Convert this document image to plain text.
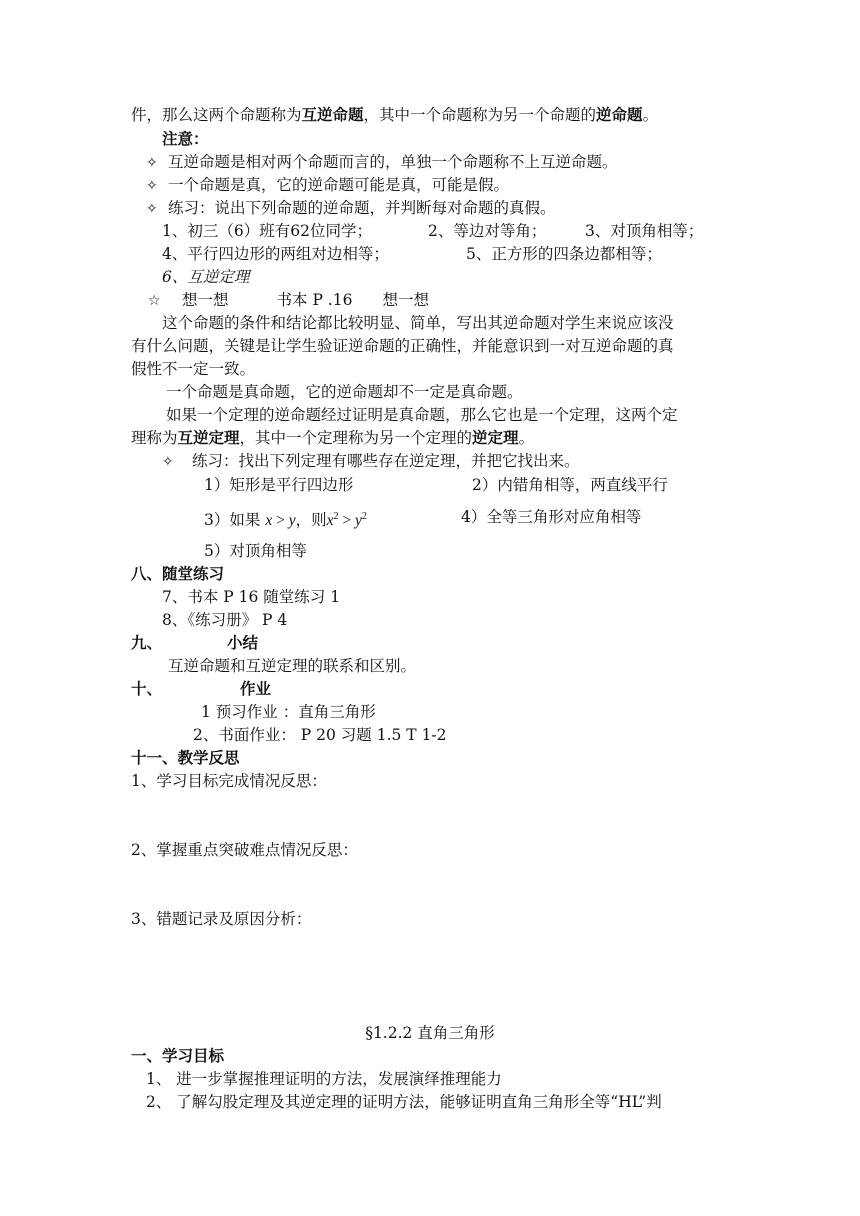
件，那么这两个命题称为互逆命题，其中一个命题称为另一个命题的逆命题。
注意：
✧ 互逆命题是相对两个命题而言的，单独一个命题称不上互逆命题。
✧ 一个命题是真，它的逆命题可能是真，可能是假。
✧ 练习：说出下列命题的逆命题，并判断每对命题的真假。
1、初三（6）班有62位同学；	2、等边对等角； 3、对顶角相等；
4、平行四边形的两组对边相等；	5、正方形的四条边都相等；
6、互逆定理
☆ 想一想	书本 P .16 想一想
这个命题的条件和结论都比较明显、简单，写出其逆命题对学生来说应该没
有什么问题，关键是让学生验证逆命题的正确性，并能意识到一对互逆命题的真
假性不一定一致。
一个命题是真命题，它的逆命题却不一定是真命题。
如果一个定理的逆命题经过证明是真命题，那么它也是一个定理，这两个定
理称为互逆定理，其中一个定理称为另一个定理的逆定理。
✧ 练习：找出下列定理有哪些存在逆定理，并把它找出来。
1）矩形是平行四边形	2）内错角相等，两直线平行
3）如果 x > y，则$x^2 > y^2$	4）全等三角形对应角相等
5）对顶角相等
八、随堂练习
7、书本 P 16 随堂练习 1
8、《练习册》 P 4
九、	小结
互逆命题和互逆定理的联系和区别。
十、	作业
1 预习作业 ：直角三角形
2、书面作业： P 20 习题 1.5 T 1-2
十一、教学反思
1、学习目标完成情况反思：
2、掌握重点突破难点情况反思：
3、错题记录及原因分析：
§1.2.2 直角三角形
一、学习目标
1、 进一步掌握推理证明的方法，发展演绎推理能力
2、 了解勾股定理及其逆定理的证明方法，能够证明直角三角形全等“HL”判
